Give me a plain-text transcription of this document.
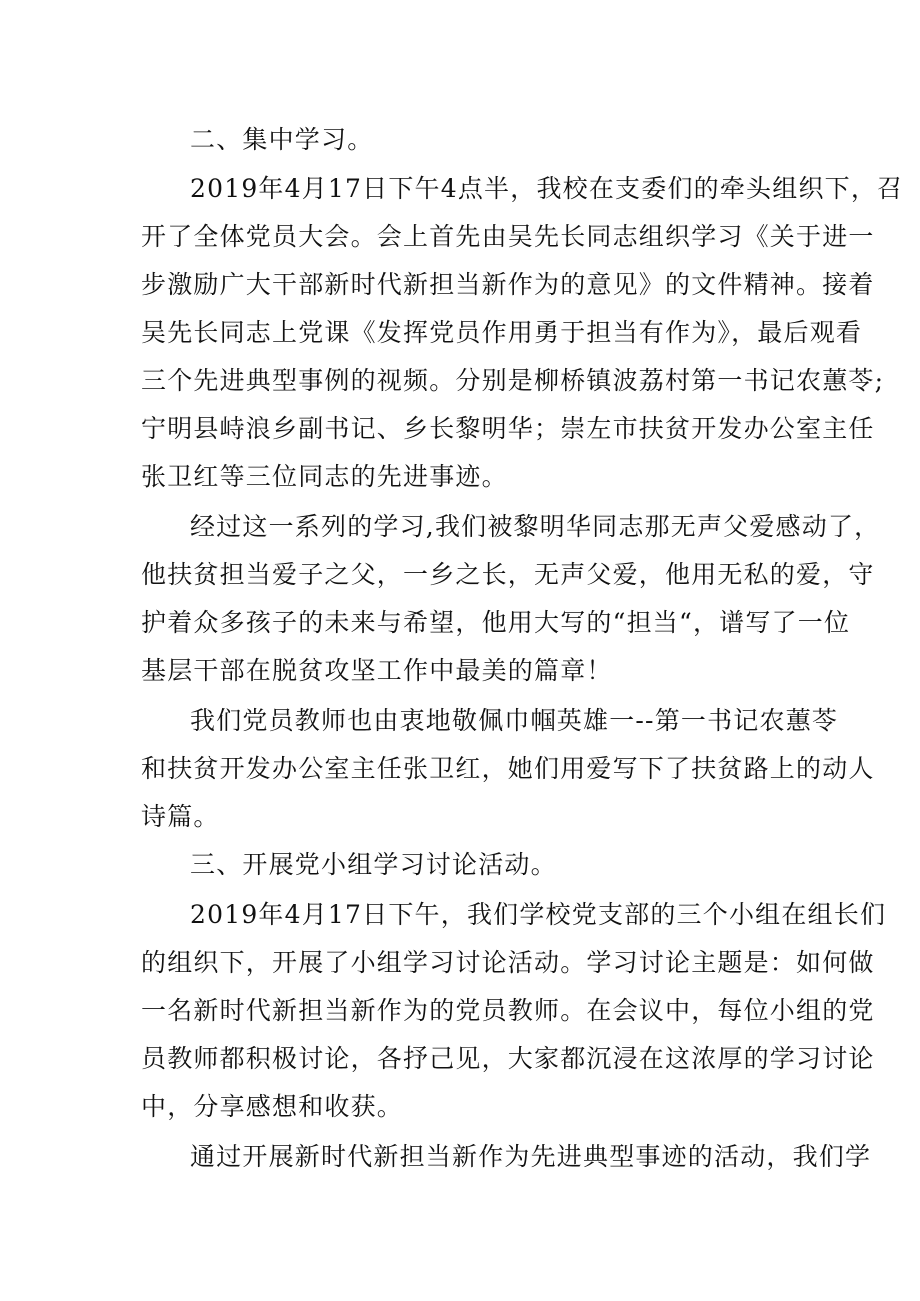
二、集中学习。
2019年4月17日下午4点半，我校在支委们的牵头组织下，召
开了全体党员大会。会上首先由吴先长同志组织学习《关于进一
步激励广大干部新时代新担当新作为的意见》的文件精神。接着
吴先长同志上党课《发挥党员作用勇于担当有作为》，最后观看
三个先进典型事例的视频。分别是柳桥镇波荔村第一书记农蕙苓;
宁明县峙浪乡副书记、乡长黎明华；崇左市扶贫开发办公室主任
张卫红等三位同志的先进事迹。
经过这一系列的学习,我们被黎明华同志那无声父爱感动了，
他扶贫担当爱子之父，一乡之长，无声父爱，他用无私的爱，守
护着众多孩子的未来与希望，他用大写的“担当“，谱写了一位
基层干部在脱贫攻坚工作中最美的篇章！
我们党员教师也由衷地敬佩巾帼英雄一--第一书记农蕙苓
和扶贫开发办公室主任张卫红，她们用爱写下了扶贫路上的动人
诗篇。
三、开展党小组学习讨论活动。
2019年4月17日下午，我们学校党支部的三个小组在组长们
的组织下，开展了小组学习讨论活动。学习讨论主题是：如何做
一名新时代新担当新作为的党员教师。在会议中，每位小组的党
员教师都积极讨论，各抒己见，大家都沉浸在这浓厚的学习讨论
中，分享感想和收获。
通过开展新时代新担当新作为先进典型事迹的活动，我们学
